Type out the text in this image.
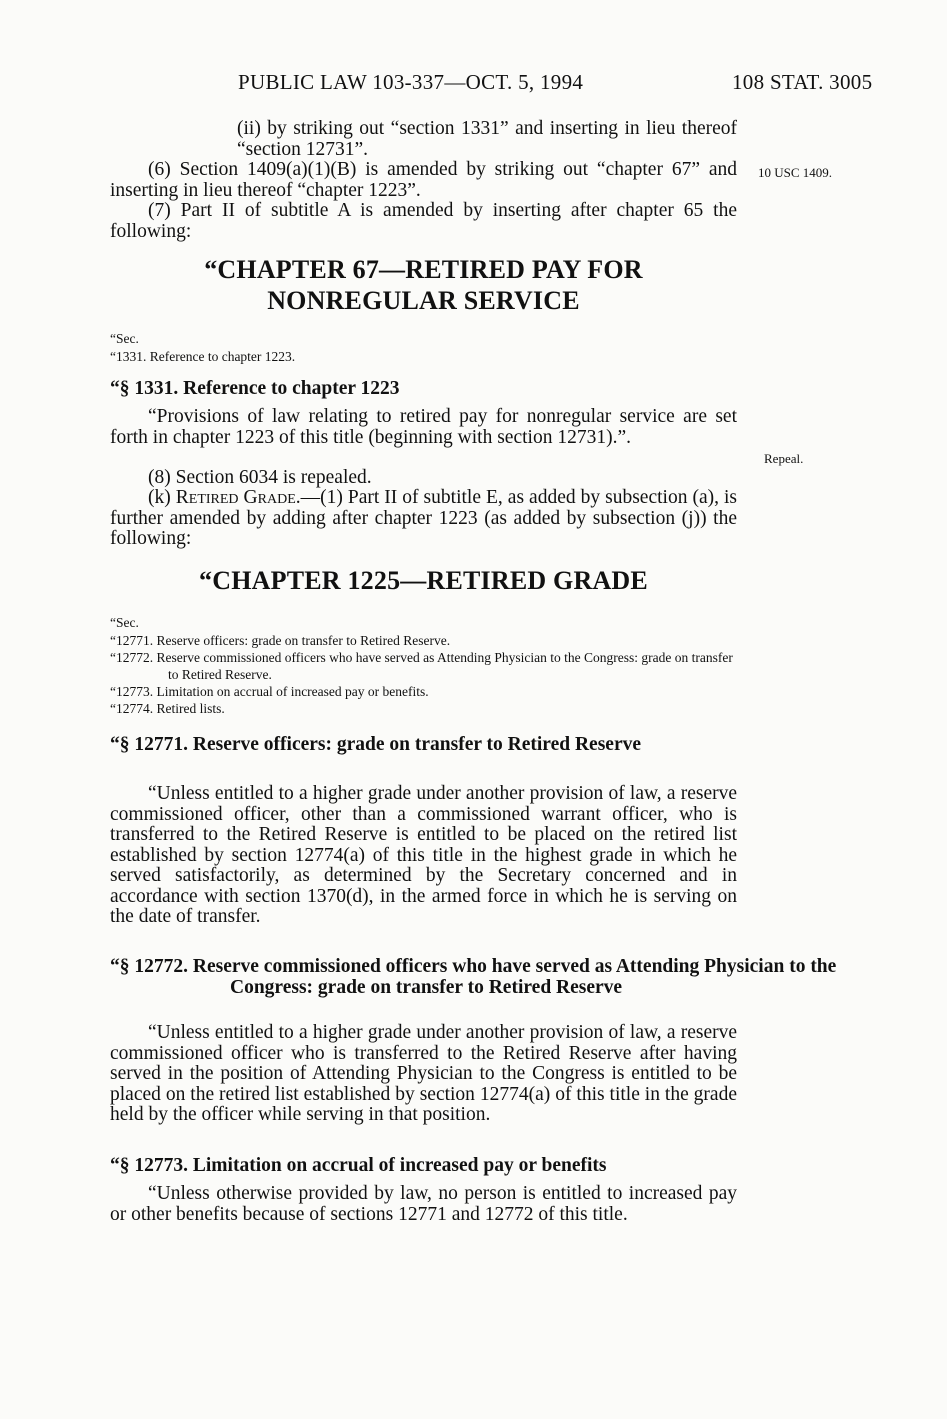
PUBLIC LAW 103-337—OCT. 5, 1994	108 STAT. 3005

(ii) by striking out “section 1331” and inserting in lieu thereof “section 12731”.

(6) Section 1409(a)(1)(B) is amended by striking out “chapter 67” and inserting in lieu thereof “chapter 1223”.

10 USC 1409.

(7) Part II of subtitle A is amended by inserting after chapter 65 the following:

“CHAPTER 67—RETIRED PAY FOR
NONREGULAR SERVICE

“Sec.

“1331. Reference to chapter 1223.

“§ 1331. Reference to chapter 1223

“Provisions of law relating to retired pay for nonregular service are set forth in chapter 1223 of this title (beginning with section 12731).”.

Repeal.

(8) Section 6034 is repealed.

(k) Retired Grade.—(1) Part II of subtitle E, as added by subsection (a), is further amended by adding after chapter 1223 (as added by subsection (j)) the following:

“CHAPTER 1225—RETIRED GRADE

“Sec.

“12771. Reserve officers: grade on transfer to Retired Reserve.

“12772. Reserve commissioned officers who have served as Attending Physician to the Congress: grade on transfer to Retired Reserve.

“12773. Limitation on accrual of increased pay or benefits.

“12774. Retired lists.

“§ 12771. Reserve officers: grade on transfer to Retired Reserve

“Unless entitled to a higher grade under another provision of law, a reserve commissioned officer, other than a commissioned warrant officer, who is transferred to the Retired Reserve is entitled to be placed on the retired list established by section 12774(a) of this title in the highest grade in which he served satisfactorily, as determined by the Secretary concerned and in accordance with section 1370(d), in the armed force in which he is serving on the date of transfer.

“§ 12772. Reserve commissioned officers who have served as Attending Physician to the Congress: grade on transfer to Retired Reserve

“Unless entitled to a higher grade under another provision of law, a reserve commissioned officer who is transferred to the Retired Reserve after having served in the position of Attending Physician to the Congress is entitled to be placed on the retired list established by section 12774(a) of this title in the grade held by the officer while serving in that position.

“§ 12773. Limitation on accrual of increased pay or benefits

“Unless otherwise provided by law, no person is entitled to increased pay or other benefits because of sections 12771 and 12772 of this title.
